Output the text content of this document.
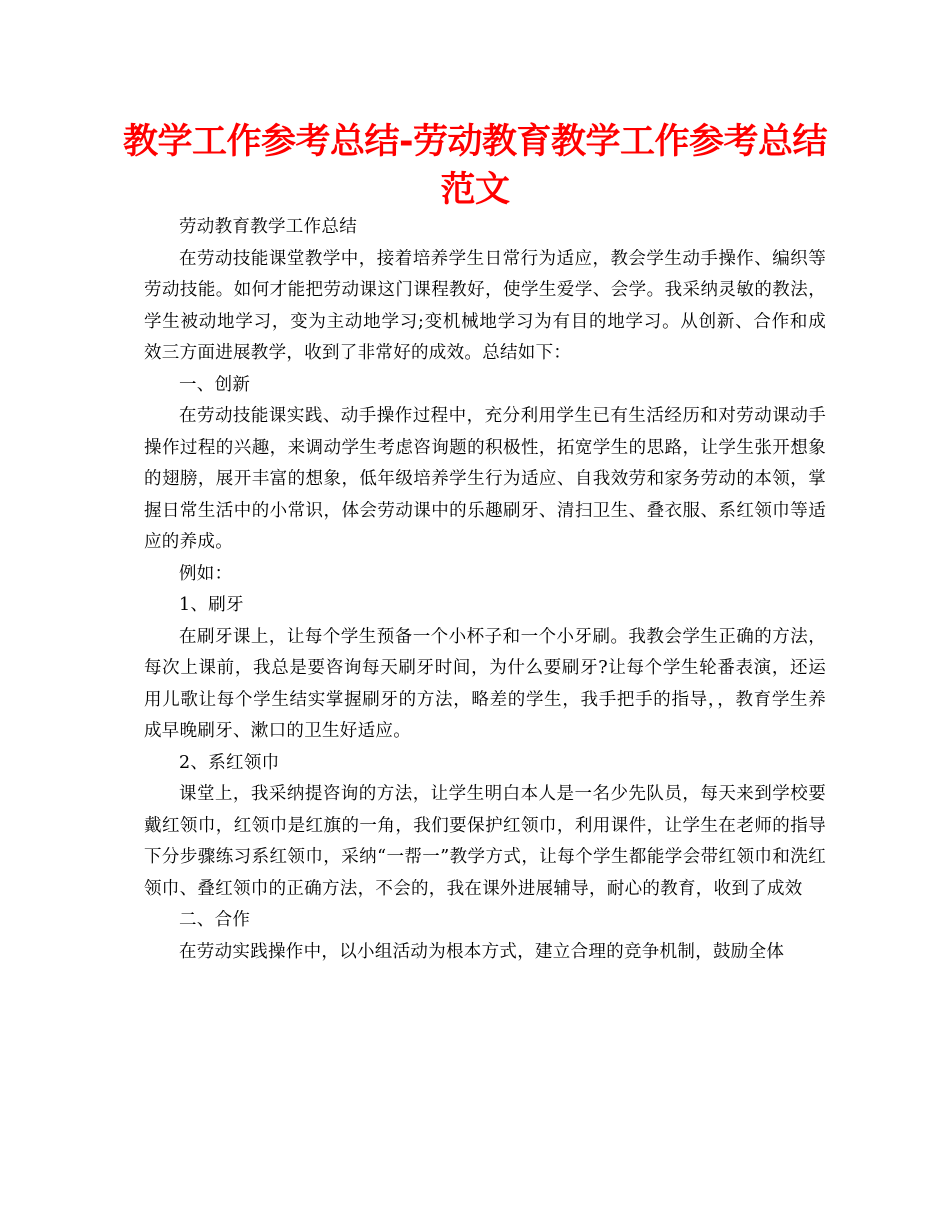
教学工作参考总结-劳动教育教学工作参考总结范文

劳动教育教学工作总结

在劳动技能课堂教学中，接着培养学生日常行为适应，教会学生动手操作、编织等劳动技能。如何才能把劳动课这门课程教好，使学生爱学、会学。我采纳灵敏的教法，学生被动地学习，变为主动地学习;变机械地学习为有目的地学习。从创新、合作和成效三方面进展教学，收到了非常好的成效。总结如下：

一、创新

在劳动技能课实践、动手操作过程中，充分利用学生已有生活经历和对劳动课动手操作过程的兴趣，来调动学生考虑咨询题的积极性，拓宽学生的思路，让学生张开想象的翅膀，展开丰富的想象，低年级培养学生行为适应、自我效劳和家务劳动的本领，掌握日常生活中的小常识，体会劳动课中的乐趣刷牙、清扫卫生、叠衣服、系红领巾等适应的养成。

例如：

1、刷牙

在刷牙课上，让每个学生预备一个小杯子和一个小牙刷。我教会学生正确的方法，每次上课前，我总是要咨询每天刷牙时间，为什么要刷牙?让每个学生轮番表演，还运用儿歌让每个学生结实掌握刷牙的方法，略差的学生，我手把手的指导，，教育学生养成早晚刷牙、漱口的卫生好适应。

2、系红领巾

课堂上，我采纳提咨询的方法，让学生明白本人是一名少先队员，每天来到学校要戴红领巾，红领巾是红旗的一角，我们要保护红领巾，利用课件，让学生在老师的指导下分步骤练习系红领巾，采纳“一帮一”教学方式，让每个学生都能学会带红领巾和洗红领巾、叠红领巾的正确方法，不会的，我在课外进展辅导，耐心的教育，收到了成效

二、合作

在劳动实践操作中，以小组活动为根本方式，建立合理的竞争机制，鼓励全体
